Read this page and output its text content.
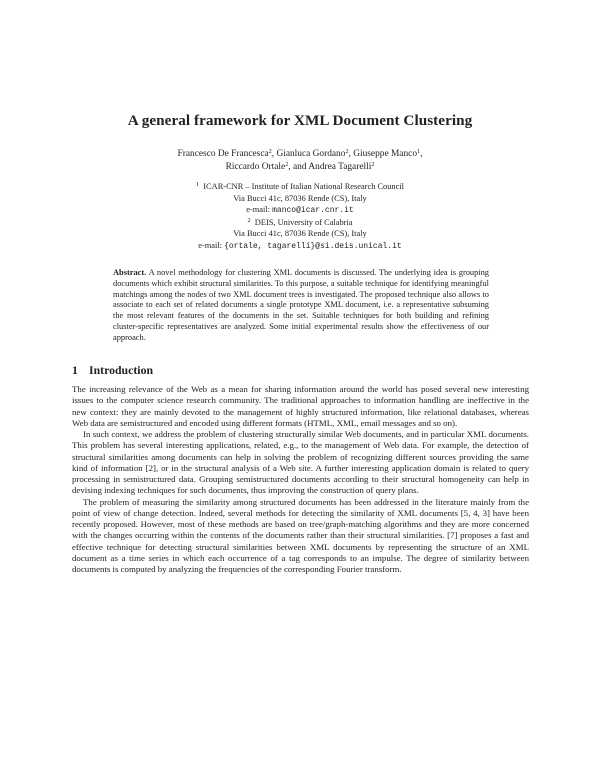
A general framework for XML Document Clustering
Francesco De Francesca$^2$, Gianluca Gordano$^2$, Giuseppe Manco$^1$,
Riccardo Ortale$^2$, and Andrea Tagarelli$^2$
$^1$ ICAR-CNR – Institute of Italian National Research Council
Via Bucci 41c, 87036 Rende (CS), Italy
e-mail: manco@icar.cnr.it
$^2$ DEIS, University of Calabria
Via Bucci 41c, 87036 Rende (CS), Italy
e-mail: {ortale, tagarelli}@si.deis.unical.it
Abstract. A novel methodology for clustering XML documents is discussed. The underlying idea is grouping documents which exhibit structural similarities. To this purpose, a suitable technique for identifying meaningful matchings among the nodes of two XML document trees is investigated. The proposed technique also allows to associate to each set of related documents a single prototype XML document, i.e. a representative subsuming the most relevant features of the documents in the set. Suitable techniques for both building and refining cluster-specific representatives are analyzed. Some initial experimental results show the effectiveness of our approach.
1 Introduction

The increasing relevance of the Web as a mean for sharing information around the world has posed several new interesting issues to the computer science research community. The traditional approaches to information handling are ineffective in the new context: they are mainly devoted to the management of highly structured information, like relational databases, whereas Web data are semistructured and encoded using different formats (HTML, XML, email messages and so on).

In such context, we address the problem of clustering structurally similar Web documents, and in particular XML documents. This problem has several interesting applications, related, e.g., to the management of Web data. For example, the detection of structural similarities among documents can help in solving the problem of recognizing different sources providing the same kind of information [2], or in the structural analysis of a Web site. A further interesting application domain is related to query processing in semistructured data. Grouping semistructured documents according to their structural homogeneity can help in devising indexing techniques for such documents, thus improving the construction of query plans.

The problem of measuring the similarity among structured documents has been addressed in the literature mainly from the point of view of change detection. Indeed, several methods for detecting the similarity of XML documents [5, 4, 3] have been recently proposed. However, most of these methods are based on tree/graph-matching algorithms and they are more concerned with the changes occurring within the contents of the documents rather than their structural similarities. [7] proposes a fast and effective technique for detecting structural similarities between XML documents by representing the structure of an XML document as a time series in which each occurrence of a tag corresponds to an impulse. The degree of similarity between documents is computed by analyzing the frequencies of the corresponding Fourier transform.
